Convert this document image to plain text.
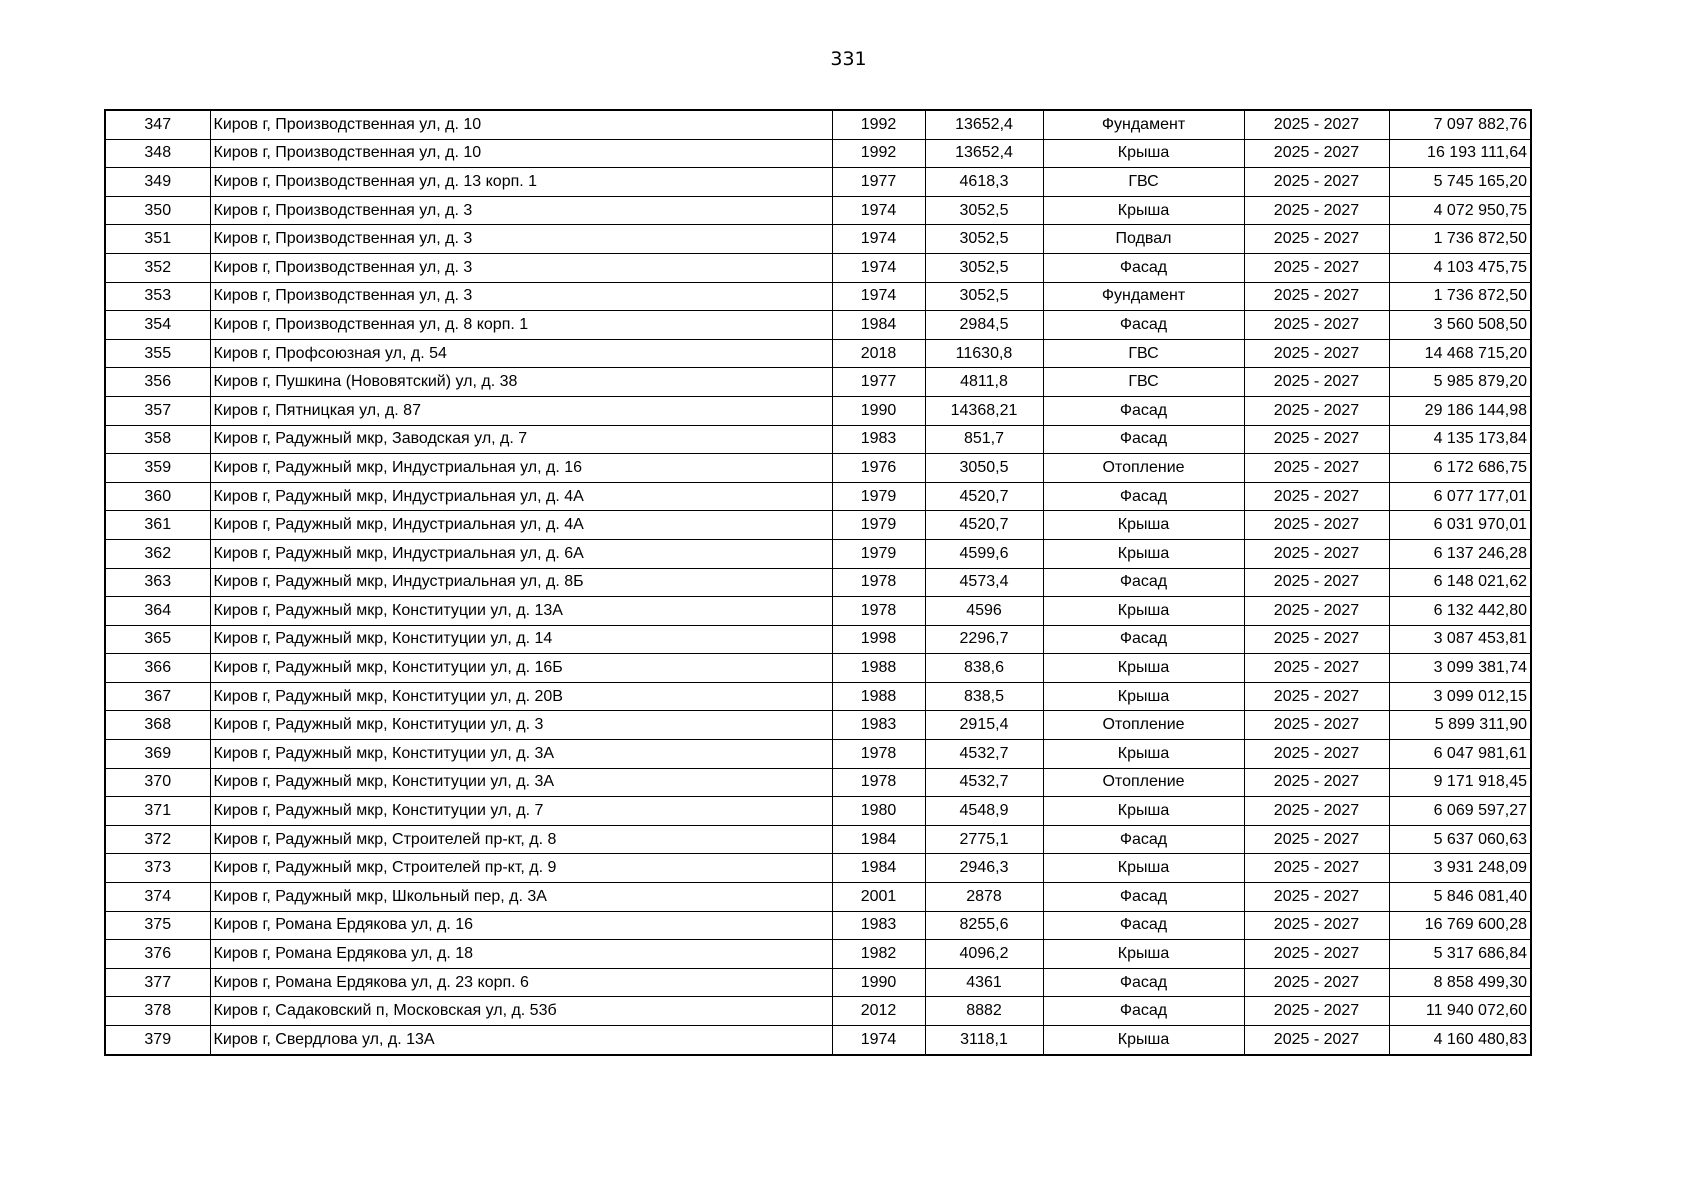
331
347	Киров г, Производственная ул, д. 10	1992	13652,4	Фундамент	2025 - 2027	7 097 882,76
348	Киров г, Производственная ул, д. 10	1992	13652,4	Крыша	2025 - 2027	16 193 111,64
349	Киров г, Производственная ул, д. 13 корп. 1	1977	4618,3	ГВС	2025 - 2027	5 745 165,20
350	Киров г, Производственная ул, д. 3	1974	3052,5	Крыша	2025 - 2027	4 072 950,75
351	Киров г, Производственная ул, д. 3	1974	3052,5	Подвал	2025 - 2027	1 736 872,50
352	Киров г, Производственная ул, д. 3	1974	3052,5	Фасад	2025 - 2027	4 103 475,75
353	Киров г, Производственная ул, д. 3	1974	3052,5	Фундамент	2025 - 2027	1 736 872,50
354	Киров г, Производственная ул, д. 8 корп. 1	1984	2984,5	Фасад	2025 - 2027	3 560 508,50
355	Киров г, Профсоюзная ул, д. 54	2018	11630,8	ГВС	2025 - 2027	14 468 715,20
356	Киров г, Пушкина (Нововятский) ул, д. 38	1977	4811,8	ГВС	2025 - 2027	5 985 879,20
357	Киров г, Пятницкая ул, д. 87	1990	14368,21	Фасад	2025 - 2027	29 186 144,98
358	Киров г, Радужный мкр, Заводская ул, д. 7	1983	851,7	Фасад	2025 - 2027	4 135 173,84
359	Киров г, Радужный мкр, Индустриальная ул, д. 16	1976	3050,5	Отопление	2025 - 2027	6 172 686,75
360	Киров г, Радужный мкр, Индустриальная ул, д. 4А	1979	4520,7	Фасад	2025 - 2027	6 077 177,01
361	Киров г, Радужный мкр, Индустриальная ул, д. 4А	1979	4520,7	Крыша	2025 - 2027	6 031 970,01
362	Киров г, Радужный мкр, Индустриальная ул, д. 6А	1979	4599,6	Крыша	2025 - 2027	6 137 246,28
363	Киров г, Радужный мкр, Индустриальная ул, д. 8Б	1978	4573,4	Фасад	2025 - 2027	6 148 021,62
364	Киров г, Радужный мкр, Конституции ул, д. 13А	1978	4596	Крыша	2025 - 2027	6 132 442,80
365	Киров г, Радужный мкр, Конституции ул, д. 14	1998	2296,7	Фасад	2025 - 2027	3 087 453,81
366	Киров г, Радужный мкр, Конституции ул, д. 16Б	1988	838,6	Крыша	2025 - 2027	3 099 381,74
367	Киров г, Радужный мкр, Конституции ул, д. 20В	1988	838,5	Крыша	2025 - 2027	3 099 012,15
368	Киров г, Радужный мкр, Конституции ул, д. 3	1983	2915,4	Отопление	2025 - 2027	5 899 311,90
369	Киров г, Радужный мкр, Конституции ул, д. 3А	1978	4532,7	Крыша	2025 - 2027	6 047 981,61
370	Киров г, Радужный мкр, Конституции ул, д. 3А	1978	4532,7	Отопление	2025 - 2027	9 171 918,45
371	Киров г, Радужный мкр, Конституции ул, д. 7	1980	4548,9	Крыша	2025 - 2027	6 069 597,27
372	Киров г, Радужный мкр, Строителей пр-кт, д. 8	1984	2775,1	Фасад	2025 - 2027	5 637 060,63
373	Киров г, Радужный мкр, Строителей пр-кт, д. 9	1984	2946,3	Крыша	2025 - 2027	3 931 248,09
374	Киров г, Радужный мкр, Школьный пер, д. 3А	2001	2878	Фасад	2025 - 2027	5 846 081,40
375	Киров г, Романа Ердякова ул, д. 16	1983	8255,6	Фасад	2025 - 2027	16 769 600,28
376	Киров г, Романа Ердякова ул, д. 18	1982	4096,2	Крыша	2025 - 2027	5 317 686,84
377	Киров г, Романа Ердякова ул, д. 23 корп. 6	1990	4361	Фасад	2025 - 2027	8 858 499,30
378	Киров г, Садаковский п, Московская ул, д. 53б	2012	8882	Фасад	2025 - 2027	11 940 072,60
379	Киров г, Свердлова ул, д. 13А	1974	3118,1	Крыша	2025 - 2027	4 160 480,83
